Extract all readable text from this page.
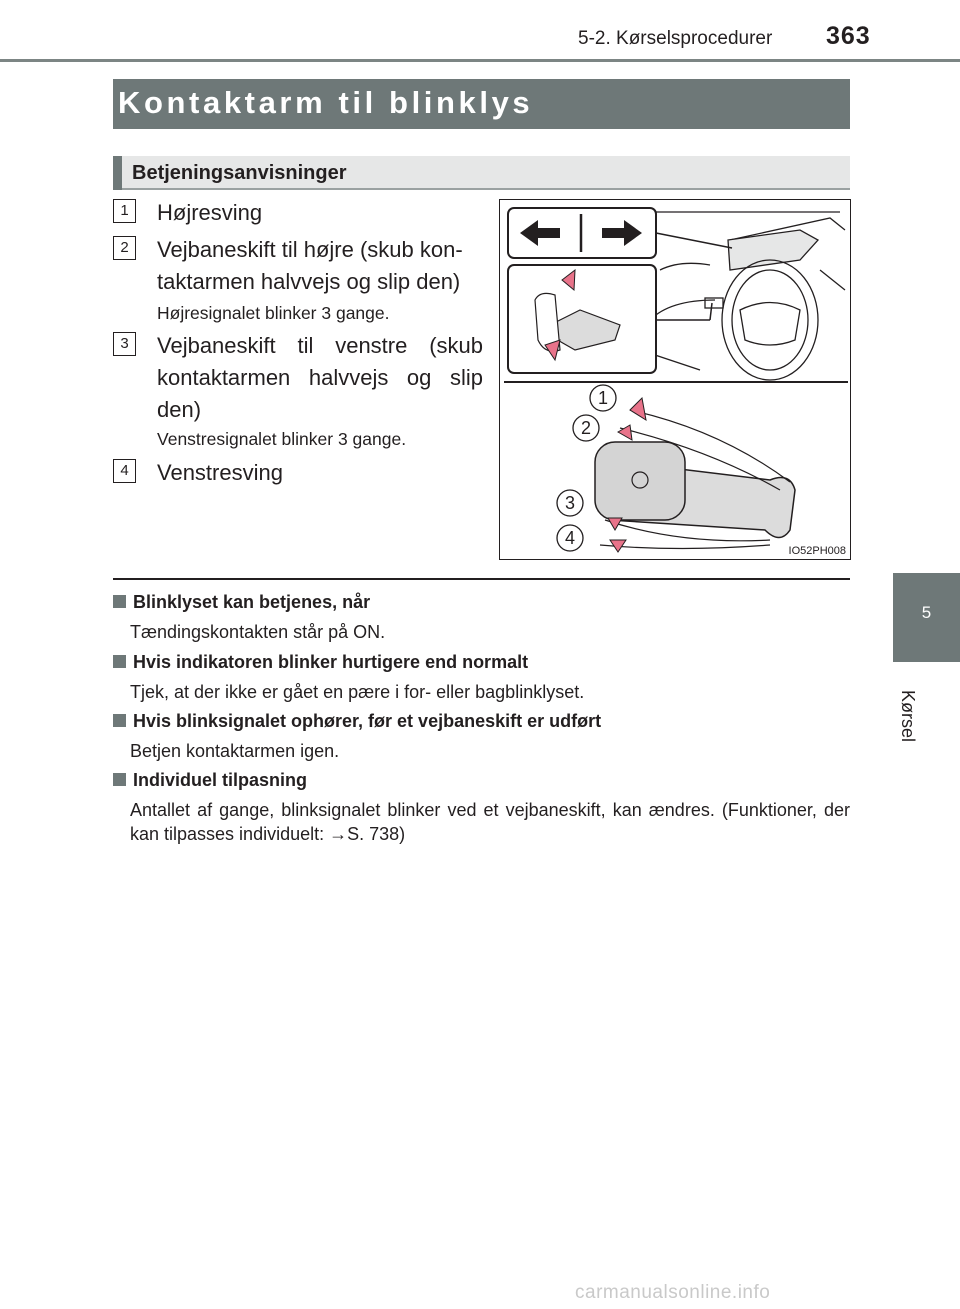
5-2. Kørselsprocedurer 363
Kontaktarm til blinklys
Betjeningsanvisninger
1	Højresving
2	Vejbaneskift til højre (skub kon-taktarmen halvvejs og slip den)
Højresignalet blinker 3 gange.
3	Vejbaneskift til venstre (skub kontaktarmen halvvejs og slip den)
Venstresignalet blinker 3 gange.
4	Venstresving
1
2
3
4
IO52PH008
Blinklyset kan betjenes, når
Tændingskontakten står på ON.
Hvis indikatoren blinker hurtigere end normalt
Tjek, at der ikke er gået en pære i for- eller bagblinklyset.
Hvis blinksignalet ophører, før et vejbaneskift er udført
Betjen kontaktarmen igen.
Individuel tilpasning
Antallet af gange, blinksignalet blinker ved et vejbaneskift, kan ændres. (Funktioner, der kan tilpasses individuelt: →S. 738)
5
Kørsel
carmanualsonline.info
